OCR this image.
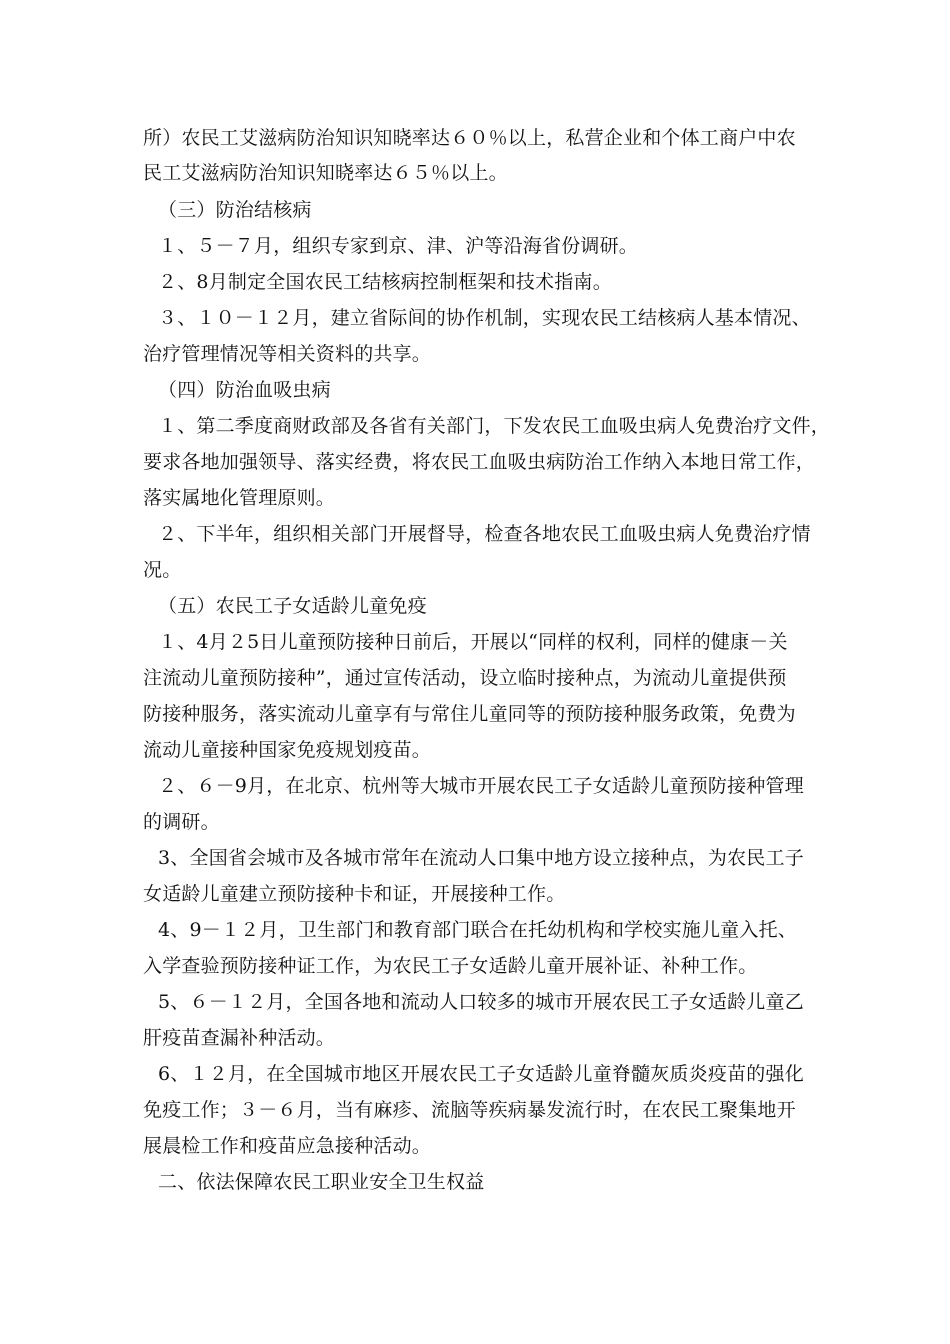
所）农民工艾滋病防治知识知晓率达６０％以上，私营企业和个体工商户中农
民工艾滋病防治知识知晓率达６５％以上。
（三）防治结核病
１、５－７月，组织专家到京、津、沪等沿海省份调研。
２、8月制定全国农民工结核病控制框架和技术指南。
３、１０－１２月，建立省际间的协作机制，实现农民工结核病人基本情况、
治疗管理情况等相关资料的共享。
（四）防治血吸虫病
１、第二季度商财政部及各省有关部门，下发农民工血吸虫病人免费治疗文件，
要求各地加强领导、落实经费，将农民工血吸虫病防治工作纳入本地日常工作，
落实属地化管理原则。
２、下半年，组织相关部门开展督导，检查各地农民工血吸虫病人免费治疗情
况。
（五）农民工子女适龄儿童免疫
１、4月２5日儿童预防接种日前后，开展以“同样的权利，同样的健康－关
注流动儿童预防接种”，通过宣传活动，设立临时接种点，为流动儿童提供预
防接种服务，落实流动儿童享有与常住儿童同等的预防接种服务政策，免费为
流动儿童接种国家免疫规划疫苗。
２、６－9月，在北京、杭州等大城市开展农民工子女适龄儿童预防接种管理
的调研。
3、全国省会城市及各城市常年在流动人口集中地方设立接种点，为农民工子
女适龄儿童建立预防接种卡和证，开展接种工作。
4、9－１２月，卫生部门和教育部门联合在托幼机构和学校实施儿童入托、
入学查验预防接种证工作，为农民工子女适龄儿童开展补证、补种工作。
5、６－１２月，全国各地和流动人口较多的城市开展农民工子女适龄儿童乙
肝疫苗查漏补种活动。
6、１２月，在全国城市地区开展农民工子女适龄儿童脊髓灰质炎疫苗的强化
免疫工作；３－６月，当有麻疹、流脑等疾病暴发流行时，在农民工聚集地开
展晨检工作和疫苗应急接种活动。
二、依法保障农民工职业安全卫生权益
